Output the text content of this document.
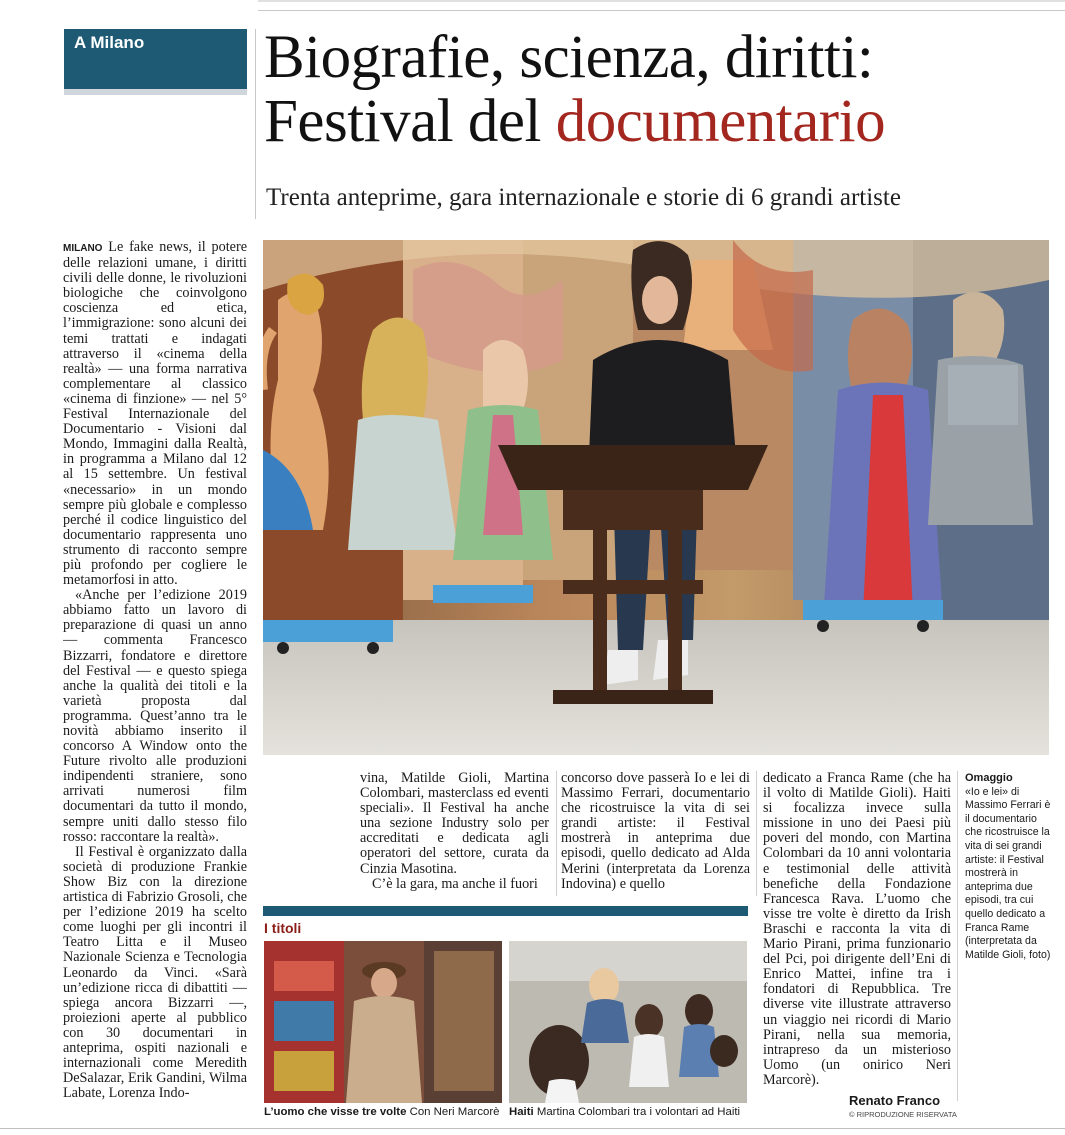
A Milano Biografie, scienza, diritti:
Festival del documentario
Trenta anteprime, gara internazionale e storie di 6 grandi artiste

MILANO Le fake news, il potere delle relazioni umane, i diritti civili delle donne, le rivoluzioni biologiche che coinvolgono coscienza ed etica, l’immigrazione: sono alcuni dei temi trattati e indagati attraverso il «cinema della realtà» — una forma narrativa complementare al classico «cinema di finzione» — nel 5° Festival Internazionale del Documentario - Visioni dal Mondo, Immagini dalla Realtà, in programma a Milano dal 12 al 15 settembre. Un festival «necessario» in un mondo sempre più globale e complesso perché il codice linguistico del documentario rappresenta uno strumento di racconto sempre più profondo per cogliere le metamorfosi in atto.

«Anche per l’edizione 2019 abbiamo fatto un lavoro di preparazione di quasi un anno — commenta Francesco Bizzarri, fondatore e direttore del Festival — e questo spiega anche la qualità dei titoli e la varietà proposta dal programma. Quest’anno tra le novità abbiamo inserito il concorso A Window onto the Future rivolto alle produzioni indipendenti straniere, sono arrivati numerosi film documentari da tutto il mondo, sempre uniti dallo stesso filo rosso: raccontare la realtà».

Il Festival è organizzato dalla società di produzione Frankie Show Biz con la direzione artistica di Fabrizio Grosoli, che per l’edizione 2019 ha scelto come luoghi per gli incontri il Teatro Litta e il Museo Nazionale Scienza e Tecnologia Leonardo da Vinci. «Sarà un’edizione ricca di dibattiti — spiega ancora Bizzarri —, proiezioni aperte al pubblico con 30 documentari in anteprima, ospiti nazionali e internazionali come Meredith DeSalazar, Erik Gandini, Wilma Labate, Lorenza Indo-

vina, Matilde Gioli, Martina Colombari, masterclass ed eventi speciali». Il Festival ha anche una sezione Industry solo per accreditati e dedicata agli operatori del settore, curata da Cinzia Masotina.

C’è la gara, ma anche il fuori

concorso dove passerà Io e lei di Massimo Ferrari, documentario che ricostruisce la vita di sei grandi artiste: il Festival mostrerà in anteprima due episodi, quello dedicato ad Alda Merini (interpretata da Lorenza Indovina) e quello

dedicato a Franca Rame (che ha il volto di Matilde Gioli). Haiti si focalizza invece sulla missione in uno dei Paesi più poveri del mondo, con Martina Colombari da 10 anni volontaria e testimonial delle attività benefiche della Fondazione Francesca Rava. L’uomo che visse tre volte è diretto da Irish Braschi e racconta la vita di Mario Pirani, prima funzionario del Pci, poi dirigente dell’Eni di Enrico Mattei, infine tra i fondatori di Repubblica. Tre diverse vite illustrate attraverso un viaggio nei ricordi di Mario Pirani, nella sua memoria, intrapreso da un misterioso Uomo (un onirico Neri Marcorè).

I titoli
L’uomo che visse tre volte Con Neri Marcorè Haiti Martina Colombari tra i volontari ad Haiti
Renato Franco
© RIPRODUZIONE RISERVATA
Omaggio
«Io e lei» di Massimo Ferrari è il documentario che ricostruisce la vita di sei grandi artiste: il Festival mostrerà in anteprima due episodi, tra cui quello dedicato a Franca Rame (interpretata da Matilde Gioli, foto)
